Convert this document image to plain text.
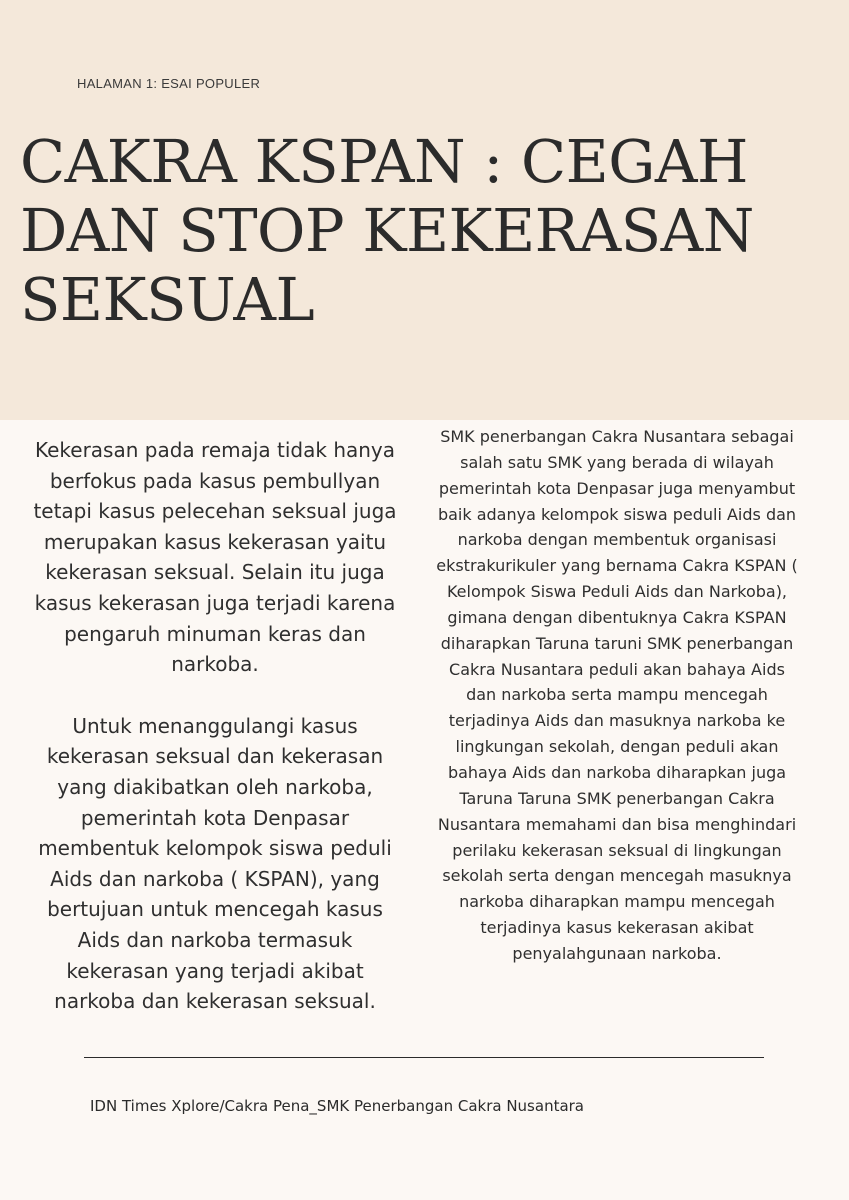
HALAMAN 1: ESAI POPULER
CAKRA KSPAN : CEGAH DAN STOP KEKERASAN SEKSUAL

Kekerasan pada remaja tidak hanya berfokus pada kasus pembullyan tetapi kasus pelecehan seksual juga merupakan kasus kekerasan yaitu kekerasan seksual. Selain itu juga kasus kekerasan juga terjadi karena pengaruh minuman keras dan narkoba.

Untuk menanggulangi kasus kekerasan seksual dan kekerasan yang diakibatkan oleh narkoba, pemerintah kota Denpasar membentuk kelompok siswa peduli Aids dan narkoba ( KSPAN), yang bertujuan untuk mencegah kasus Aids dan narkoba termasuk kekerasan yang terjadi akibat narkoba dan kekerasan seksual.

SMK penerbangan Cakra Nusantara sebagai salah satu SMK yang berada di wilayah pemerintah kota Denpasar juga menyambut baik adanya kelompok siswa peduli Aids dan narkoba dengan membentuk organisasi ekstrakurikuler yang bernama Cakra KSPAN ( Kelompok Siswa Peduli Aids dan Narkoba), gimana dengan dibentuknya Cakra KSPAN diharapkan Taruna taruni SMK penerbangan Cakra Nusantara peduli akan bahaya Aids dan narkoba serta mampu mencegah terjadinya Aids dan masuknya narkoba ke lingkungan sekolah, dengan peduli akan bahaya Aids dan narkoba diharapkan juga Taruna Taruna SMK penerbangan Cakra Nusantara memahami dan bisa menghindari perilaku kekerasan seksual di lingkungan sekolah serta dengan mencegah masuknya narkoba diharapkan mampu mencegah terjadinya kasus kekerasan akibat penyalahgunaan narkoba.

IDN Times Xplore/Cakra Pena_SMK Penerbangan Cakra Nusantara
